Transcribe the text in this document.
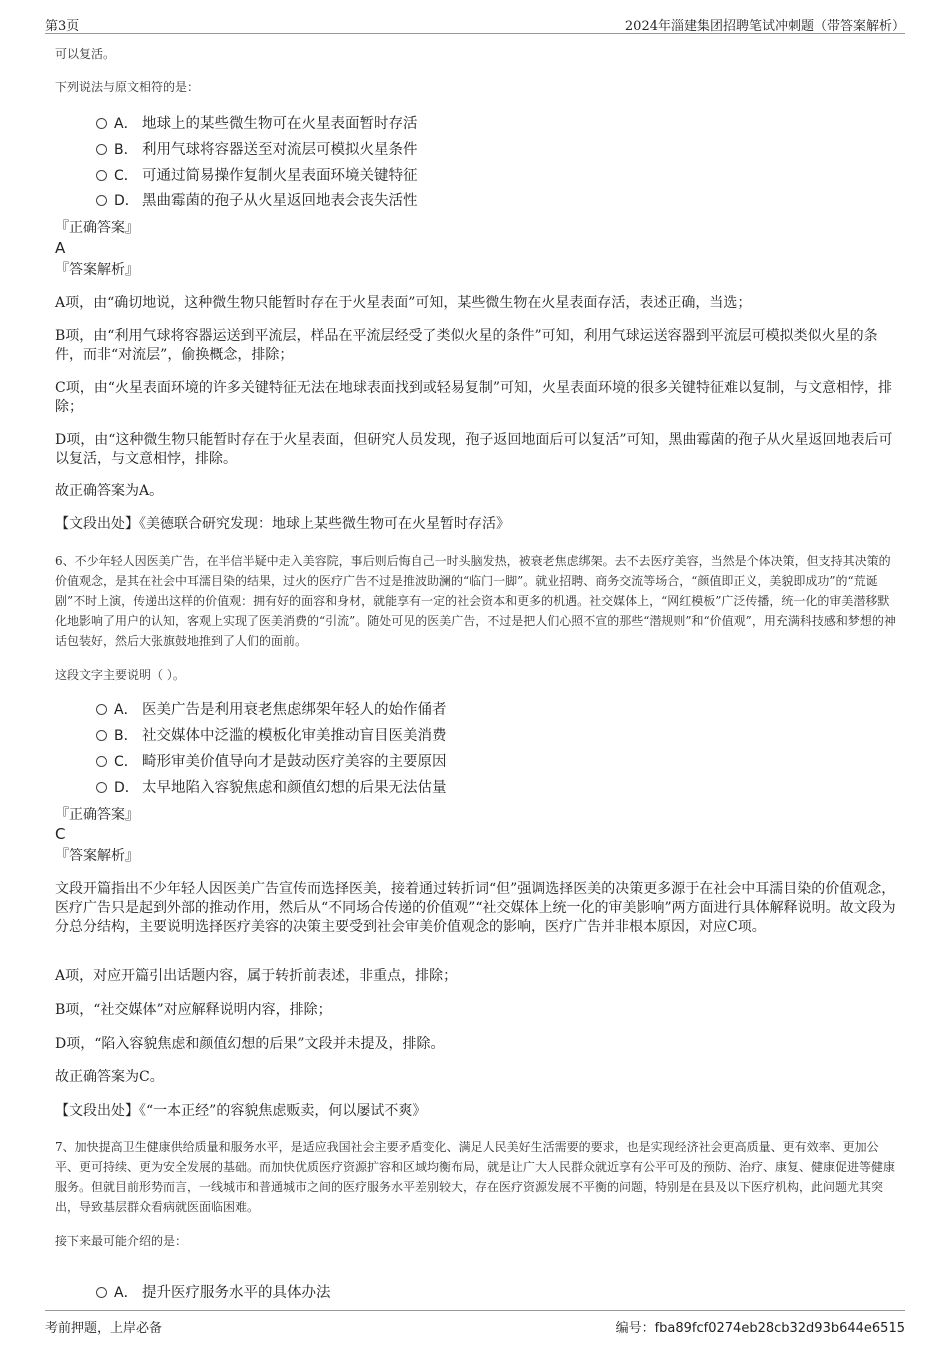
第3页	2024年淄建集团招聘笔试冲刺题（带答案解析）
可以复活。
下列说法与原文相符的是：
A． 地球上的某些微生物可在火星表面暂时存活
B． 利用气球将容器送至对流层可模拟火星条件
C． 可通过简易操作复制火星表面环境关键特征
D． 黑曲霉菌的孢子从火星返回地表会丧失活性
『正确答案』
A
『答案解析』
A项，由“确切地说，这种微生物只能暂时存在于火星表面”可知，某些微生物在火星表面存活，表述正确，当选；
B项，由“利用气球将容器运送到平流层，样品在平流层经受了类似火星的条件”可知，利用气球运送容器到平流层可模拟类似火星的条件，而非“对流层”，偷换概念，排除；
C项，由“火星表面环境的许多关键特征无法在地球表面找到或轻易复制”可知，火星表面环境的很多关键特征难以复制，与文意相悖，排除；
D项，由“这种微生物只能暂时存在于火星表面，但研究人员发现，孢子返回地面后可以复活”可知，黑曲霉菌的孢子从火星返回地表后可以复活，与文意相悖，排除。
故正确答案为A。
【文段出处】《美德联合研究发现：地球上某些微生物可在火星暂时存活》
6、不少年轻人因医美广告，在半信半疑中走入美容院，事后则后悔自己一时头脑发热，被衰老焦虑绑架。去不去医疗美容，当然是个体决策，但支持其决策的价值观念，是其在社会中耳濡目染的结果，过火的医疗广告不过是推波助澜的“临门一脚”。就业招聘、商务交流等场合，“颜值即正义，美貌即成功”的“荒诞剧”不时上演，传递出这样的价值观：拥有好的面容和身材，就能享有一定的社会资本和更多的机遇。社交媒体上，“网红模板”广泛传播，统一化的审美潜移默化地影响了用户的认知，客观上实现了医美消费的“引流”。随处可见的医美广告，不过是把人们心照不宣的那些“潜规则”和“价值观”，用充满科技感和梦想的神话包装好，然后大张旗鼓地推到了人们的面前。
这段文字主要说明（ ）。
A． 医美广告是利用衰老焦虑绑架年轻人的始作俑者
B． 社交媒体中泛滥的模板化审美推动盲目医美消费
C． 畸形审美价值导向才是鼓动医疗美容的主要原因
D． 太早地陷入容貌焦虑和颜值幻想的后果无法估量
『正确答案』
C
『答案解析』
文段开篇指出不少年轻人因医美广告宣传而选择医美，接着通过转折词“但”强调选择医美的决策更多源于在社会中耳濡目染的价值观念，医疗广告只是起到外部的推动作用，然后从“不同场合传递的价值观”“社交媒体上统一化的审美影响”两方面进行具体解释说明。故文段为分总分结构，主要说明选择医疗美容的决策主要受到社会审美价值观念的影响，医疗广告并非根本原因，对应C项。
A项，对应开篇引出话题内容，属于转折前表述，非重点，排除；
B项，“社交媒体”对应解释说明内容，排除；
D项，“陷入容貌焦虑和颜值幻想的后果”文段并未提及，排除。
故正确答案为C。
【文段出处】《“一本正经”的容貌焦虑贩卖，何以屡试不爽》
7、加快提高卫生健康供给质量和服务水平，是适应我国社会主要矛盾变化、满足人民美好生活需要的要求，也是实现经济社会更高质量、更有效率、更加公平、更可持续、更为安全发展的基础。而加快优质医疗资源扩容和区域均衡布局，就是让广大人民群众就近享有公平可及的预防、治疗、康复、健康促进等健康服务。但就目前形势而言，一线城市和普通城市之间的医疗服务水平差别较大，存在医疗资源发展不平衡的问题，特别是在县及以下医疗机构，此问题尤其突出，导致基层群众看病就医面临困难。
接下来最可能介绍的是：
A． 提升医疗服务水平的具体办法
考前押题，上岸必备	编号：fba89fcf0274eb28cb32d93b644e6515
